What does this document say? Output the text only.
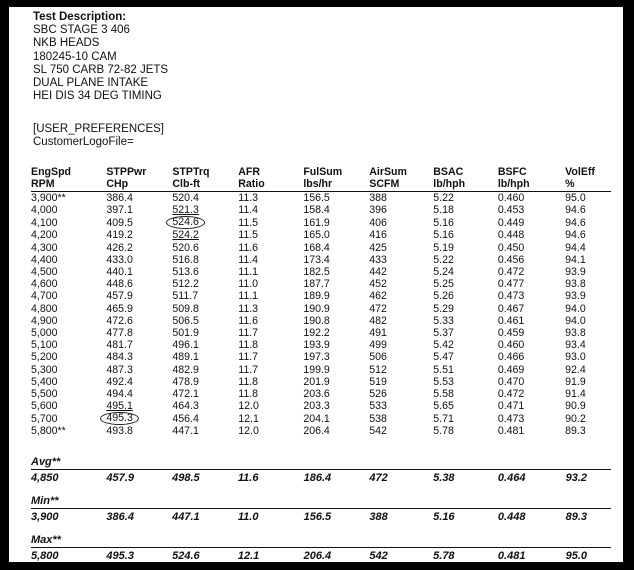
Test Description:
SBC STAGE 3 406
NKB HEADS
180245-10 CAM
SL 750 CARB 72-82 JETS
DUAL PLANE INTAKE
HEI DIS 34 DEG TIMING
[USER_PREFERENCES]
CustomerLogoFile=
EngSpd	STPPwr	STPTrq	AFR	FulSum	AirSum	BSAC	BSFC	VolEff
RPM	CHp	Clb-ft	Ratio	lbs/hr	SCFM	lb/hph	lb/hph	%
3,900**	386.4	520.4	11.3	156.5	388	5.22	0.460	95.0
4,000	397.1	521.3	11.4	158.4	396	5.18	0.453	94.6
4,100	409.5	524.6	11.5	161.9	406	5.16	0.449	94.6
4,200	419.2	524.2	11.5	165.0	416	5.16	0.448	94.6
4,300	426.2	520.6	11.6	168.4	425	5.19	0.450	94.4
4,400	433.0	516.8	11.4	173.4	433	5.22	0.456	94.1
4,500	440.1	513.6	11.1	182.5	442	5.24	0.472	93.9
4,600	448.6	512.2	11.0	187.7	452	5.25	0.477	93.8
4,700	457.9	511.7	11.1	189.9	462	5.26	0.473	93.9
4,800	465.9	509.8	11.3	190.9	472	5.29	0.467	94.0
4,900	472.6	506.5	11.6	190.8	482	5.33	0.461	94.0
5,000	477.8	501.9	11.7	192.2	491	5.37	0.459	93.8
5,100	481.7	496.1	11.8	193.9	499	5.42	0.460	93.4
5,200	484.3	489.1	11.7	197.3	506	5.47	0.466	93.0
5,300	487.3	482.9	11.7	199.9	512	5.51	0.469	92.4
5,400	492.4	478.9	11.8	201.9	519	5.53	0.470	91.9
5,500	494.4	472.1	11.8	203.6	526	5.58	0.472	91.4
5,600	495.1	464.3	12.0	203.3	533	5.65	0.471	90.9
5,700	495.3	456.4	12.1	204.1	538	5.71	0.473	90.2
5,800**	493.8	447.1	12.0	206.4	542	5.78	0.481	89.3
Avg**
4,850	457.9	498.5	11.6	186.4	472	5.38	0.464	93.2
Min**
3,900	386.4	447.1	11.0	156.5	388	5.16	0.448	89.3
Max**
5,800	495.3	524.6	12.1	206.4	542	5.78	0.481	95.0
